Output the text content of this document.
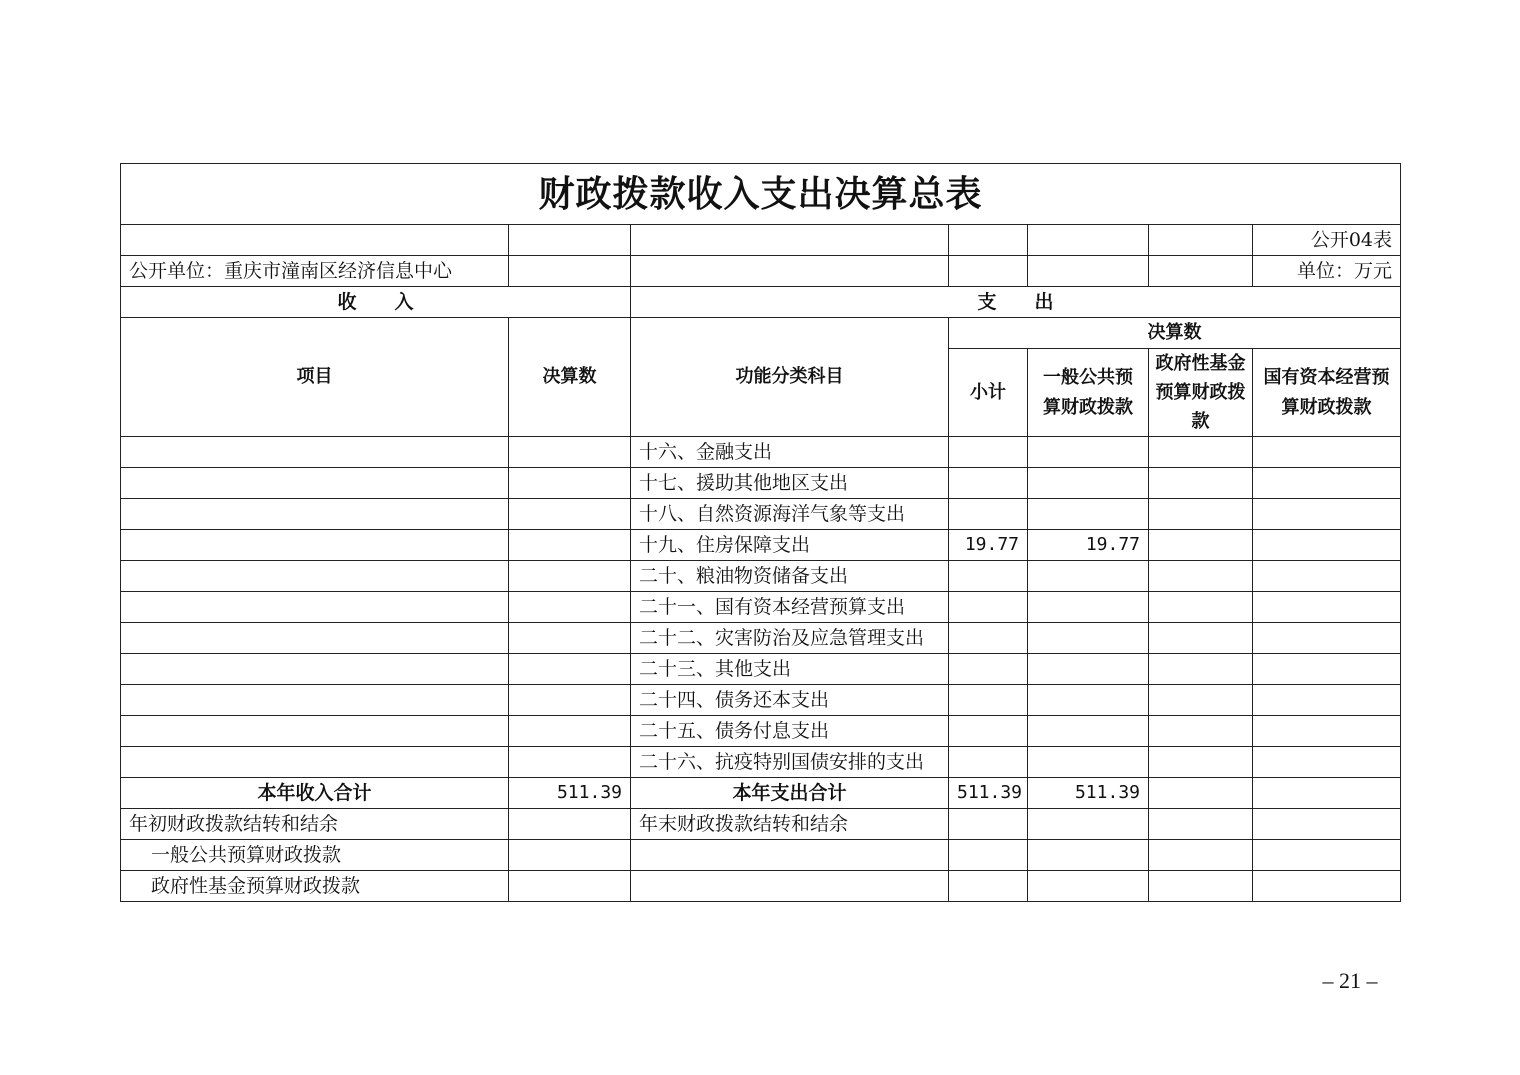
财政拨款收入支出决算总表						
						公开04表
公开单位：重庆市潼南区经济信息中心						单位：万元
收　　入		支　　出				
项目	决算数	功能分类科目	决算数			
			小计	一般公共预算财政拨款	政府性基金预算财政拨款	国有资本经营预算财政拨款

		十六、金融支出				
		十七、援助其他地区支出				
		十八、自然资源海洋气象等支出				
		十九、住房保障支出	19.77	19.77		
		二十、粮油物资储备支出				
		二十一、国有资本经营预算支出				
		二十二、灾害防治及应急管理支出				
		二十三、其他支出				
		二十四、债务还本支出				
		二十五、债务付息支出				
		二十六、抗疫特别国债安排的支出				
本年收入合计	511.39	本年支出合计	511.39	511.39		
年初财政拨款结转和结余		年末财政拨款结转和结余				
一般公共预算财政拨款						
政府性基金预算财政拨款						
– 21 –
